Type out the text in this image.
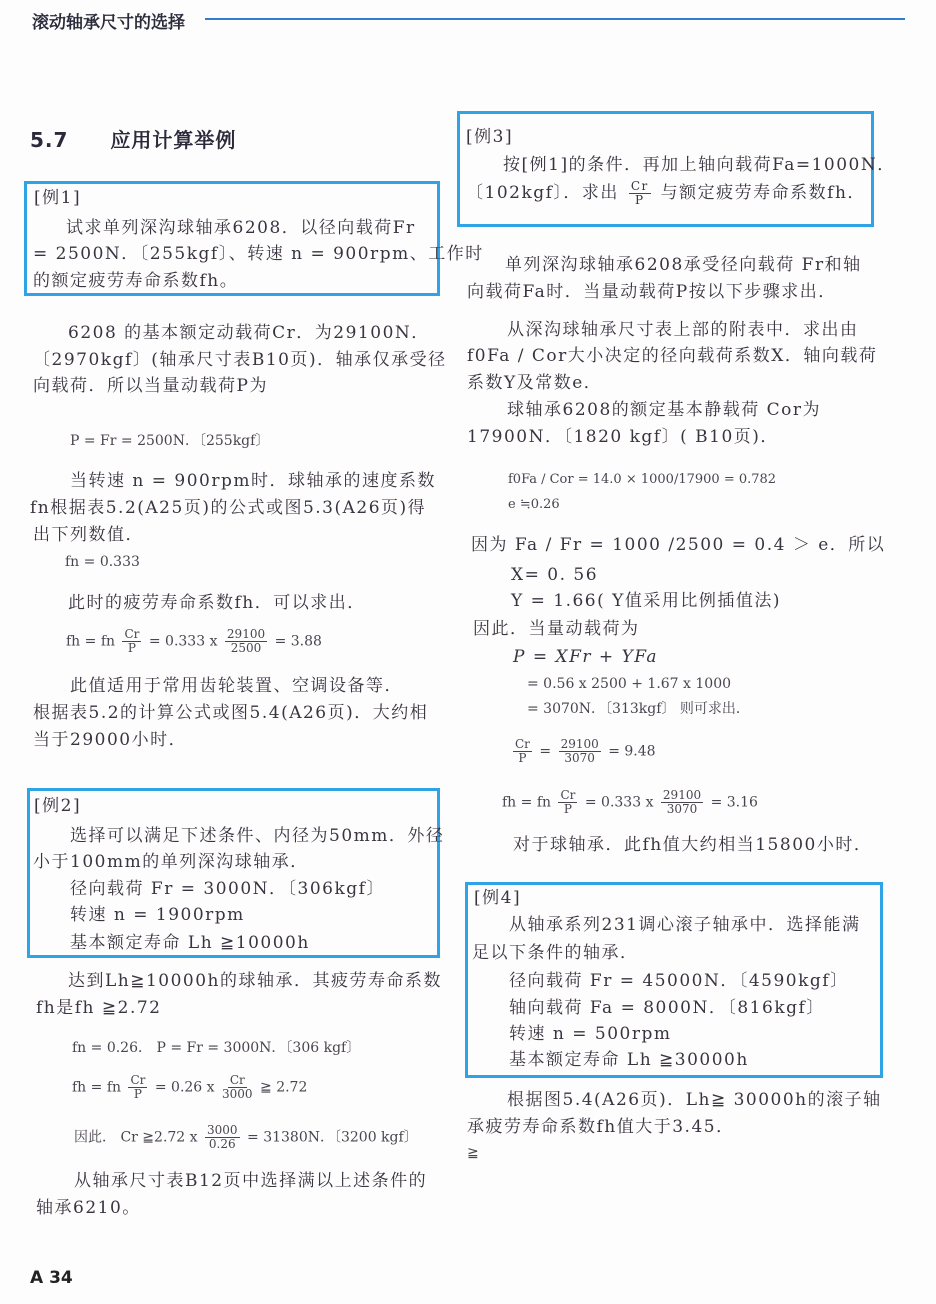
滚动轴承尺寸的选择
5.7 应用计算举例
[例1]
试求单列深沟球轴承6208．以径向载荷Fr
= 2500N．〔255kgf〕、转速 n = 900rpm、工作时
的额定疲劳寿命系数fh。
6208 的基本额定动载荷Cr．为29100N．
〔2970kgf〕(轴承尺寸表B10页)．轴承仅承受径
向载荷．所以当量动载荷P为
P = Fr = 2500N．〔255kgf〕
当转速 n = 900rpm时．球轴承的速度系数
fn根据表5.2(A25页)的公式或图5.3(A26页)得
出下列数值．
fn = 0.333
此时的疲劳寿命系数fh．可以求出．
fh = fn $\frac{Cr}{P} = 0.333$ x $\frac{29100}{2500} = 3.88$
此值适用于常用齿轮装置、空调设备等．
根据表5.2的计算公式或图5.4(A26页)．大约相
当于29000小时．
[例2]
选择可以满足下述条件、内径为50mm．外径
小于100mm的单列深沟球轴承．
径向载荷 Fr = 3000N．〔306kgf〕
转速 n = 1900rpm
基本额定寿命 Lh ≧10000h
达到Lh≧10000h的球轴承．其疲劳寿命系数
fh是fh ≧2.72
fn = 0.26． P = Fr = 3000N．〔306 kgf〕
fh = fn $\frac{Cr}{P} = 0.26$ x $\frac{Cr}{3000}$ ≧ 2.72
因此． Cr ≧2.72 x $\frac{3000}{0.26} = 31380N$．〔3200 kgf〕
从轴承尺寸表B12页中选择满以上述条件的
轴承6210。
A 34
[例3]
按[例1]的条件．再加上轴向载荷Fa=1000N．
〔102kgf〕．求出 $\frac{Cr}{P}$ 与额定疲劳寿命系数fh．
单列深沟球轴承6208承受径向载荷 Fr和轴
向载荷Fa时．当量动载荷P按以下步骤求出．
从深沟球轴承尺寸表上部的附表中．求出由
f0Fa / Cor大小决定的径向载荷系数X．轴向载荷
系数Y及常数e．
球轴承6208的额定基本静载荷 Cor为
17900N．〔1820 kgf〕( B10页)．
f0Fa / Cor = 14.0 × 1000/17900 = 0.782
e ≒0.26
因为 Fa / Fr = 1000 /2500 = 0.4 ＞ e．所以
X= 0. 56
Y = 1.66( Y值采用比例插值法)
因此．当量动载荷为
P = XFr + YFa
= 0.56 x 2500 + 1.67 x 1000
= 3070N．〔313kgf〕 则可求出．
$\frac{Cr}{P} = \frac{29100}{3070} = 9.48$
fh = fn $\frac{Cr}{P} = 0.333$ x $\frac{29100}{3070} = 3.16$
对于球轴承．此fh值大约相当15800小时．
[例4]
从轴承系列231调心滚子轴承中．选择能满
足以下条件的轴承．
径向载荷 Fr = 45000N．〔4590kgf〕
轴向载荷 Fa = 8000N．〔816kgf〕
转速 n = 500rpm
基本额定寿命 Lh ≧30000h
根据图5.4(A26页)．Lh≧ 30000h的滚子轴
承疲劳寿命系数fh值大于3.45．
≧
